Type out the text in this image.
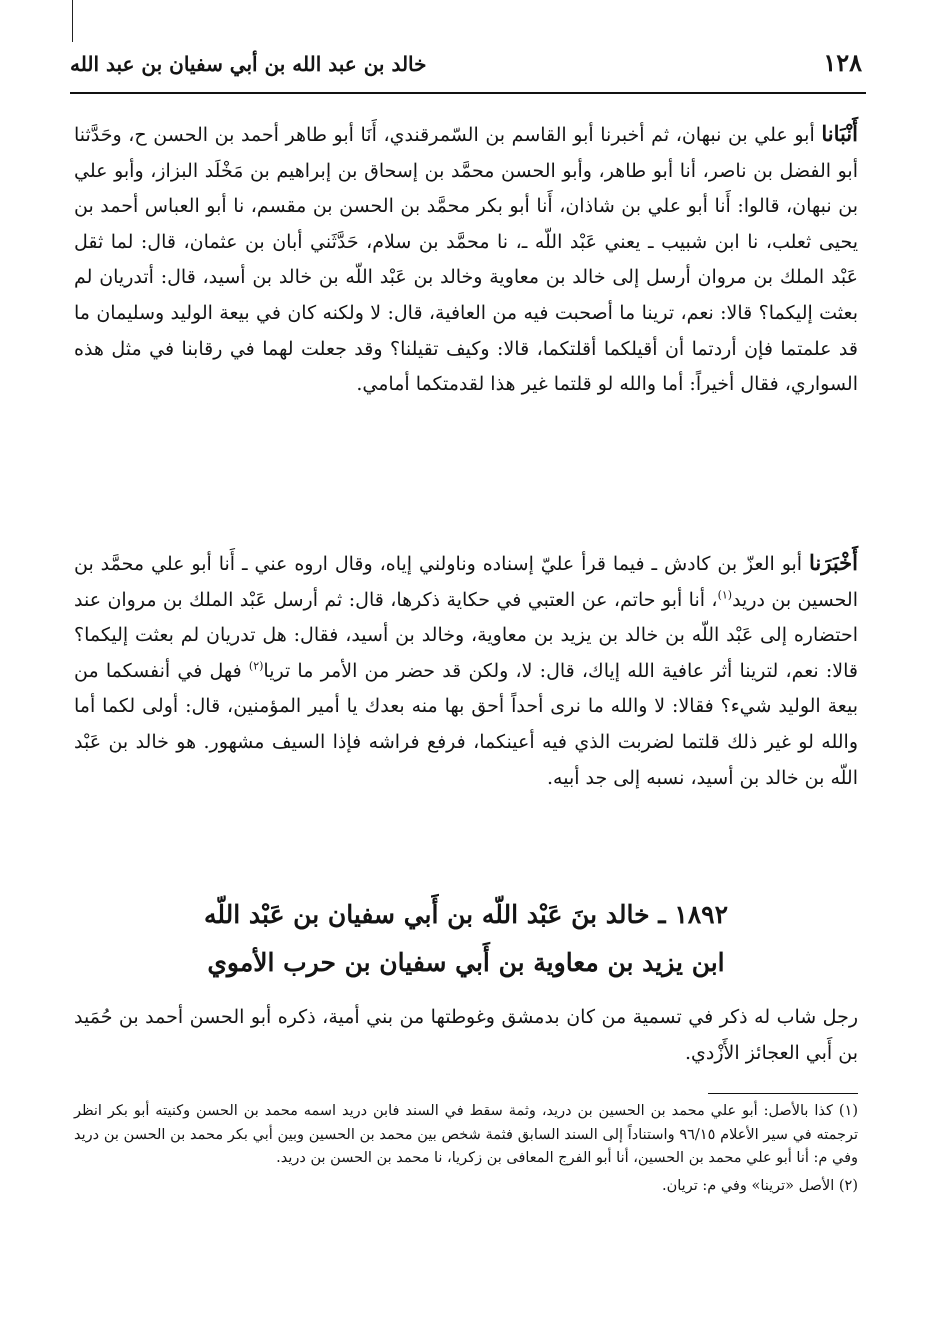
١٢٨
خالد بن عبد الله بن أبي سفيان بن عبد الله

أَنْبَانا أبو علي بن نبهان، ثم أخبرنا أبو القاسم بن السّمرقندي، أَنَا أبو طاهر أحمد بن الحسن ح، وحَدَّثنا أبو الفضل بن ناصر، أنا أبو طاهر، وأبو الحسن محمَّد بن إسحاق بن إبراهيم بن مَخْلَد البزاز، وأبو علي بن نبهان، قالوا: أَنا أبو علي بن شاذان، أَنا أبو بكر محمَّد بن الحسن بن مقسم، نا أبو العباس أحمد بن يحيى ثعلب، نا ابن شبيب ـ يعني عَبْد اللّه ـ، نا محمَّد بن سلام، حَدَّثَني أبان بن عثمان، قال: لما ثقل عَبْد الملك بن مروان أرسل إلى خالد بن معاوية وخالد بن عَبْد اللّه بن خالد بن أسيد، قال: أتدريان لم بعثت إليكما؟ قالا: نعم، ترينا ما أصحبت فيه من العافية، قال: لا ولكنه كان في بيعة الوليد وسليمان ما قد علمتما فإن أردتما أن أقيلكما أقلتكما، قالا: وكيف تقيلنا؟ وقد جعلت لهما في رقابنا في مثل هذه السواري، فقال أخيراً: أما والله لو قلتما غير هذا لقدمتكما أمامي.

أَخْبَرَنا أبو العزّ بن كادش ـ فيما قرأ عليّ إسناده وناولني إياه، وقال اروه عني ـ أَنا أبو علي محمَّد بن الحسين بن دريد$^{(١)}$، أنا أبو حاتم، عن العتبي في حكاية ذكرها، قال: ثم أرسل عَبْد الملك بن مروان عند احتضاره إلى عَبْد اللّه بن خالد بن يزيد بن معاوية، وخالد بن أسيد، فقال: هل تدريان لم بعثت إليكما؟ قالا: نعم، لترينا أثر عافية الله إياك، قال: لا، ولكن قد حضر من الأمر ما تريا$^{(٢)}$ فهل في أنفسكما من بيعة الوليد شيء؟ فقالا: لا والله ما نرى أحداً أحق بها منه بعدك يا أمير المؤمنين، قال: أولى لكما أما والله لو غير ذلك قلتما لضربت الذي فيه أعينكما، فرفع فراشه فإذا السيف مشهور. هو خالد بن عَبْد اللّه بن خالد بن أسيد، نسبه إلى جد أبيه.

١٨٩٢ ـ خالد بنَ عَبْد اللّه بن أَبي سفيان بن عَبْد اللّه
ابن يزيد بن معاوية بن أَبي سفيان بن حرب الأموي

رجل شاب له ذكر في تسمية من كان بدمشق وغوطتها من بني أمية، ذكره أبو الحسن أحمد بن حُمَيد بن أَبي العجائز الأَزْدي.

(١) كذا بالأصل: أبو علي محمد بن الحسين بن دريد، وثمة سقط في السند فابن دريد اسمه محمد بن الحسن وكنيته أبو بكر انظر ترجمته في سير الأعلام ٩٦/١٥ واستناداً إلى السند السابق فثمة شخص بين محمد بن الحسين وبين أبي بكر محمد بن الحسن بن دريد وفي م: أنا أبو علي محمد بن الحسين، أنا أبو الفرج المعافى بن زكريا، نا محمد بن الحسن بن دريد.

(٢) الأصل «ترينا» وفي م: تريان.
